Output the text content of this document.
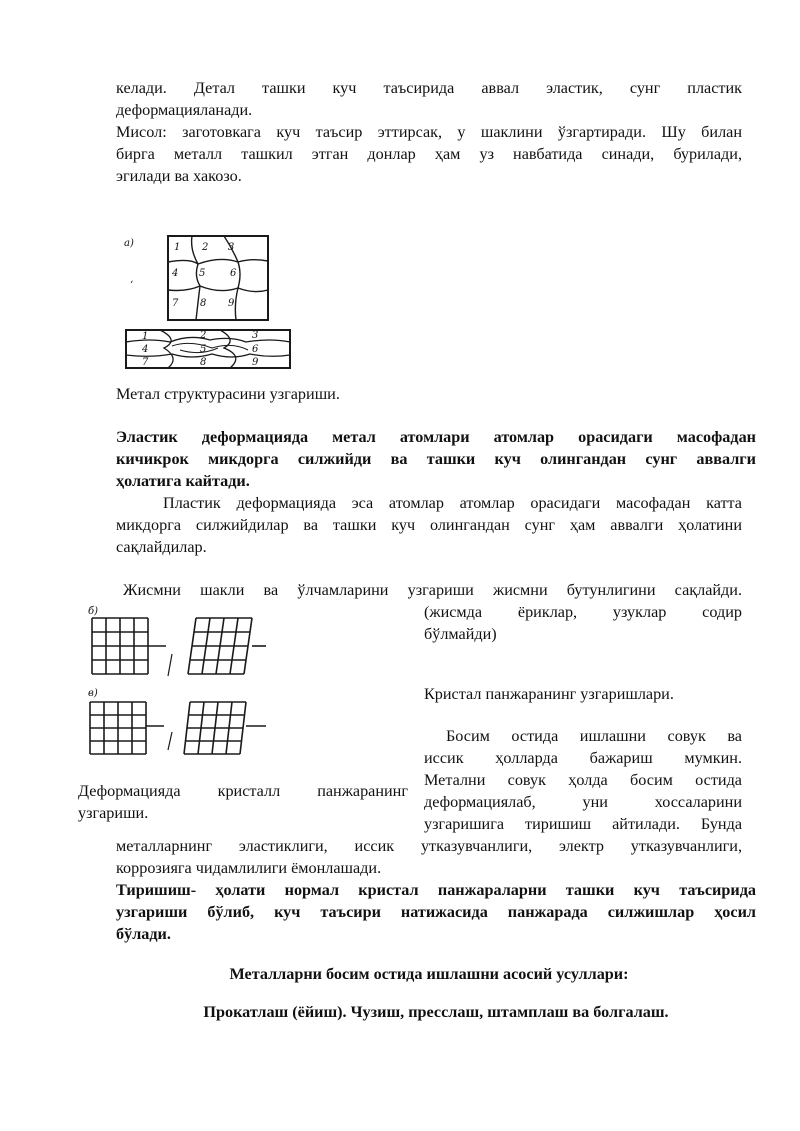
келади. Детал ташки куч таъсирида аввал эластик, сунг пластик
деформацияланади.
Мисол: заготовкага куч таъсир эттирсак, у шаклини ўзгартиради. Шу билан
бирга металл ташкил этган донлар ҳам уз навбатида синади, бурилади,
эгилади ва хакозо.
а)
‘
1 2 3
4 5 6
7 8 9
1	2	3
4	5	6
7	8	9
Метал структурасини узгариши.
Эластик деформацияда метал атомлари атомлар орасидаги масофадан
кичикрок микдорга силжийди ва ташки куч олингандан сунг аввалги
ҳолатига кайтади.
Пластик деформацияда эса атомлар атомлар орасидаги масофадан катта
микдорга силжийдилар ва ташки куч олингандан сунг ҳам аввалги ҳолатини
сақлайдилар.
Жисмни шакли ва ўлчамларини узгариши жисмни бутунлигини сақлайди.
(жисмда ёриклар, узуклар содир
бўлмайди)
б)
в)	Кристал панжаранинг узгаришлари.
Босим остида ишлашни совук ва
иссик ҳолларда бажариш мумкин.
Метални совук ҳолда босим остида
деформациялаб, уни хоссаларини
узгаришига тиришиш айтилади. Бунда
Деформацияда кристалл панжаранинг
узгариши.
металларнинг эластиклиги, иссик утказувчанлиги, электр утказувчанлиги,
коррозияга чидамлилиги ёмонлашади.
Тиришиш- ҳолати нормал кристал панжараларни ташки куч таъсирида
узгариши бўлиб, куч таъсири натижасида панжарада силжишлар ҳосил
бўлади.
Металларни босим остида ишлашни асосий усуллари:
Прокатлаш (ёйиш). Чузиш, пресслаш, штамплаш ва болгалаш.
